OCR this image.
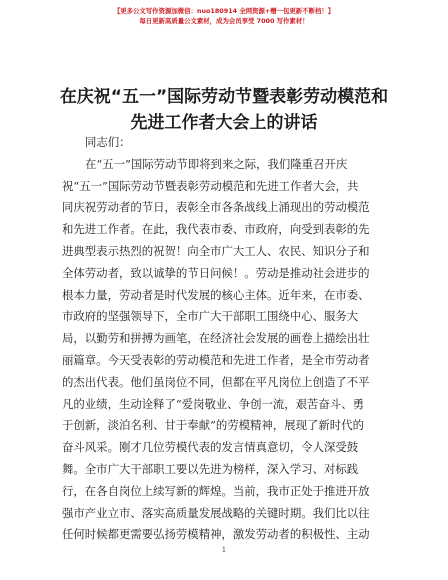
【更多公文写作资源加微信：nuo180914 全网资源+赠一包更新不断档！】
每日更新高质量公文素材，成为会员享受 7000 写作素材！
在庆祝“五一”国际劳动节暨表彰劳动模范和
先进工作者大会上的讲话
同志们：
在“五一”国际劳动节即将到来之际，我们隆重召开庆
祝“五一”国际劳动节暨表彰劳动模范和先进工作者大会，共
同庆祝劳动者的节日，表彰全市各条战线上涌现出的劳动模范
和先进工作者。在此，我代表市委、市政府，向受到表彰的先
进典型表示热烈的祝贺！向全市广大工人、农民、知识分子和
全体劳动者，致以诚挚的节日问候！。劳动是推动社会进步的
根本力量，劳动者是时代发展的核心主体。近年来，在市委、
市政府的坚强领导下，全市广大干部职工围绕中心、服务大
局，以勤劳和拼搏为画笔，在经济社会发展的画卷上描绘出壮
丽篇章。今天受表彰的劳动模范和先进工作者，是全市劳动者
的杰出代表。他们虽岗位不同，但都在平凡岗位上创造了不平
凡的业绩，生动诠释了“爱岗敬业、争创一流，艰苦奋斗、勇
于创新，淡泊名利、甘于奉献”的劳模精神，展现了新时代的
奋斗风采。刚才几位劳模代表的发言情真意切，令人深受鼓
舞。全市广大干部职工要以先进为榜样，深入学习、对标践
行，在各自岗位上续写新的辉煌。当前，我市正处于推进开放
强市产业立市、落实高质量发展战略的关键时期。我们比以往
任何时候都更需要弘扬劳模精神，激发劳动者的积极性、主动
1
